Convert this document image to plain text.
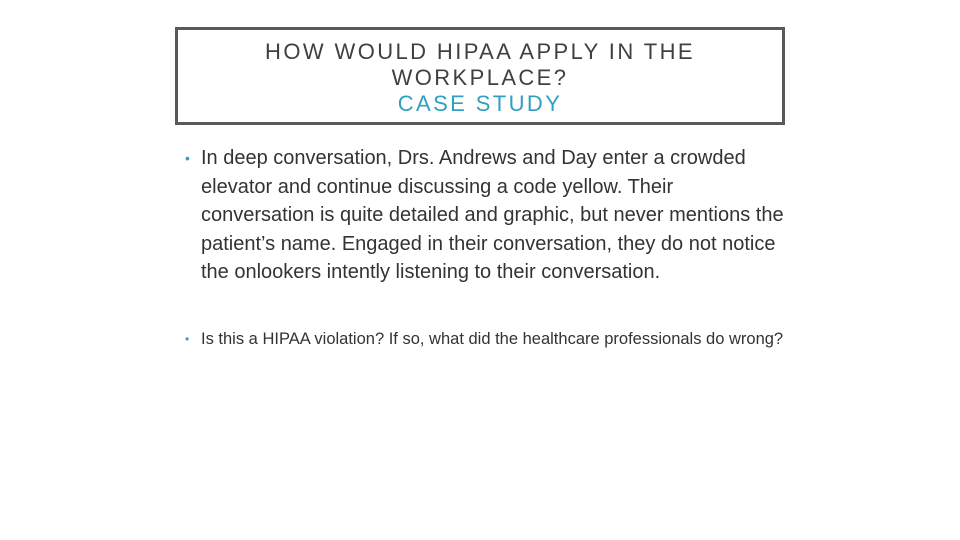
HOW WOULD HIPAA APPLY IN THE
WORKPLACE?
CASE STUDY
• In deep conversation, Drs. Andrews and Day enter a crowded elevator and continue discussing a code yellow. Their conversation is quite detailed and graphic, but never mentions the patient’s name. Engaged in their conversation, they do not notice the onlookers intently listening to their conversation.
• Is this a HIPAA violation? If so, what did the healthcare professionals do wrong?
